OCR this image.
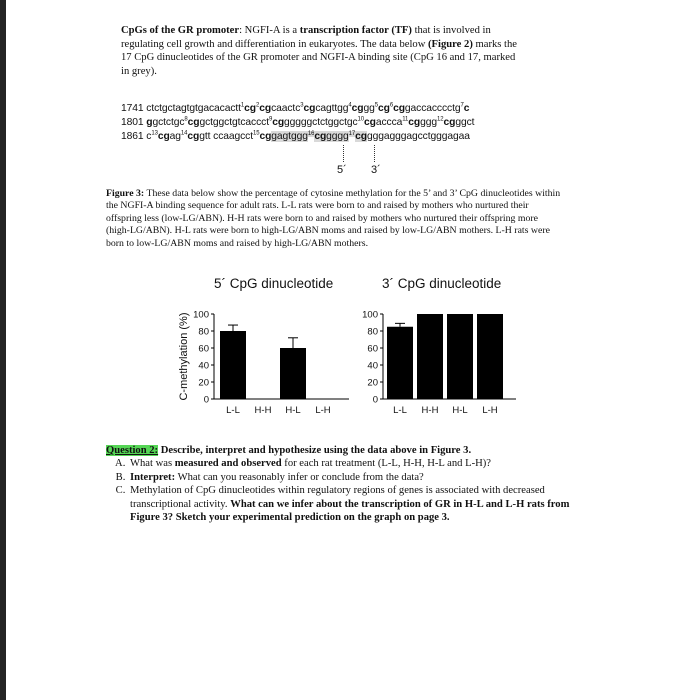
CpGs of the GR promoter: NGFI-A is a transcription factor (TF) that is involved in regulating cell growth and differentiation in eukaryotes. The data below (Figure 2) marks the 17 CpG dinucleotides of the GR promoter and NGFI-A binding site (CpG 16 and 17, marked in grey).
1741 $ctctgctagtgtgacacactt^1cg^2cgcaactc^3cgcagttgg^4cggg^5cg^6cggaccacccctg^7c$
1801 ggctctgc$^8$cggctggctgtcaccct$^9$cggggggctctggctgc$^{10}$cgaccca$^{11}$cgggg$^{12}$cgggct
1861 $c^{13}cgag^{14}cggtt$ ccaagcct$^{15}$cggagtggg$^{16}$cggggg$^{17}$cggggagggagcctgggagaa
5´ 3´
Figure 3: These data below show the percentage of cytosine methylation for the 5’ and 3’ CpG dinucleotides within the NGFI-A binding sequence for adult rats. L-L rats were born to and raised by mothers who nurtured their offspring less (low-LG/ABN). H-H rats were born to and raised by mothers who nurtured their offspring more (high-LG/ABN). H-L rats were born to high-LG/ABN moms and raised by low-LG/ABN mothers. L-H rats were born to low-LG/ABN moms and raised by high-LG/ABN mothers.
5´ CpG dinucleotide	3´ CpG dinucleotide
0
20
40
60
80
100
L-L H-H H-L L-H
C-methylation (%)	0
20
40
60
80
100
L-L H-H H-L L-H

Question 2: Describe, interpret and hypothesize using the data above in Figure 3.

A. What was measured and observed for each rat treatment (L-L, H-H, H-L and L-H)?
B. Interpret: What can you reasonably infer or conclude from the data?
C. Methylation of CpG dinucleotides within regulatory regions of genes is associated with decreased transcriptional activity. What can we infer about the transcription of GR in H-L and L-H rats from Figure 3? Sketch your experimental prediction on the graph on page 3.
